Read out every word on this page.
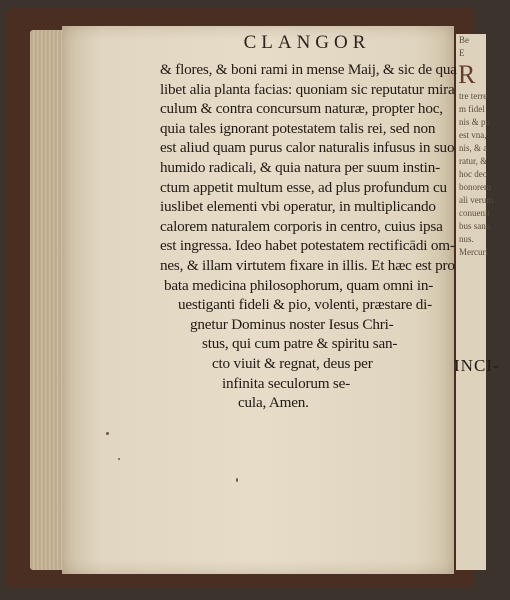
Be
E
R
tre terre
m fidel
nis & pu
est vna,
nis, & a
ratur, &
hoc deo
bonorem
ali verum
conuenit
bus sanu
nus.
Mercuri
CLANGOR
& flores, & boni rami in mense Maij, & sic de qua
libet alia planta facias: quoniam sic reputatur mira
culum & contra concursum naturæ, propter hoc,
quia tales ignorant potestatem talis rei, sed non
est aliud quam purus calor naturalis infusus in suo
humido radicali, & quia natura per suum instin-
ctum appetit multum esse, ad plus profundum cu
iuslibet elementi vbi operatur, in multiplicando
calorem naturalem corporis in centro, cuius ipsa
est ingressa. Ideo habet potestatem rectificādi om-
nes, & illam virtutem fixare in illis. Et hæc est pro
bata medicina philosophorum, quam omni in-
uestiganti fideli & pio, volenti, præstare di-
gnetur Dominus noster Iesus Chri-
stus, qui cum patre & spiritu san-
cto viuit & regnat, deus per
infinita seculorum se-
cula, Amen.
INCI-
